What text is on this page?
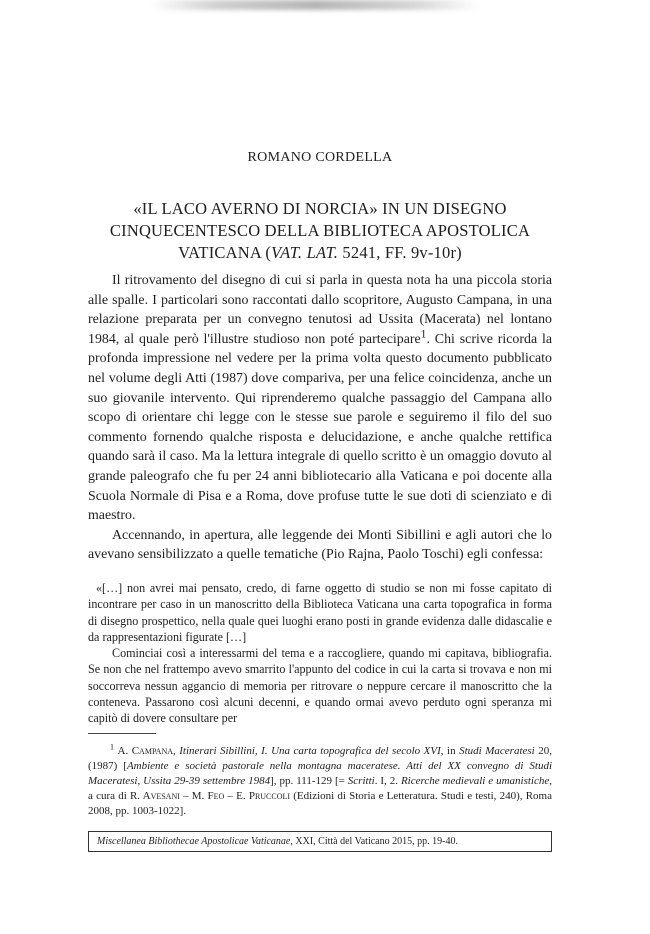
ROMANO CORDELLA
«IL LACO AVERNO DI NORCIA» IN UN DISEGNO
CINQUECENTESCO DELLA BIBLIOTECA APOSTOLICA
VATICANA (VAT. LAT. 5241, FF. 9v-10r)

Il ritrovamento del disegno di cui si parla in questa nota ha una piccola storia alle spalle. I particolari sono raccontati dallo scopritore, Augusto Campana, in una relazione preparata per un convegno tenutosi ad Ussita (Macerata) nel lontano 1984, al quale però l'illustre studioso non poté partecipare$^1$. Chi scrive ricorda la profonda impressione nel vedere per la prima volta questo documento pubblicato nel volume degli Atti (1987) dove compariva, per una felice coincidenza, anche un suo giovanile intervento. Qui riprenderemo qualche passaggio del Campana allo scopo di orientare chi legge con le stesse sue parole e seguiremo il filo del suo commento fornendo qualche risposta e delucidazione, e anche qualche rettifica quando sarà il caso. Ma la lettura integrale di quello scritto è un omaggio dovuto al grande paleografo che fu per 24 anni bibliotecario alla Vaticana e poi docente alla Scuola Normale di Pisa e a Roma, dove profuse tutte le sue doti di scienziato e di maestro.

Accennando, in apertura, alle leggende dei Monti Sibillini e agli autori che lo avevano sensibilizzato a quelle tematiche (Pio Rajna, Paolo Toschi) egli confessa:

«[…] non avrei mai pensato, credo, di farne oggetto di studio se non mi fosse capitato di incontrare per caso in un manoscritto della Biblioteca Vaticana una carta topografica in forma di disegno prospettico, nella quale quei luoghi erano posti in grande evidenza dalle didascalie e da rappresentazioni figurate […]

Cominciai così a interessarmi del tema e a raccogliere, quando mi capitava, bibliografia. Se non che nel frattempo avevo smarrito l'appunto del codice in cui la carta si trovava e non mi soccorreva nessun aggancio di memoria per ritrovare o neppure cercare il manoscritto che la conteneva. Passarono così alcuni decenni, e quando ormai avevo perduto ogni speranza mi capitò di dovere consultare per

$^1$ A. Campana, Itinerari Sibillini, I. Una carta topografica del secolo XVI, in Studi Maceratesi 20, (1987) [Ambiente e società pastorale nella montagna maceratese. Atti del XX convegno di Studi Maceratesi, Ussita 29-39 settembre 1984], pp. 111-129 [= Scritti. I, 2. Ricerche medievali e umanistiche, a cura di R. Avesani – M. Feo – E. Pruccoli (Edizioni di Storia e Letteratura. Studi e testi, 240), Roma 2008, pp. 1003-1022].
Miscellanea Bibliothecae Apostolicae Vaticanae, XXI, Città del Vaticano 2015, pp. 19-40.
